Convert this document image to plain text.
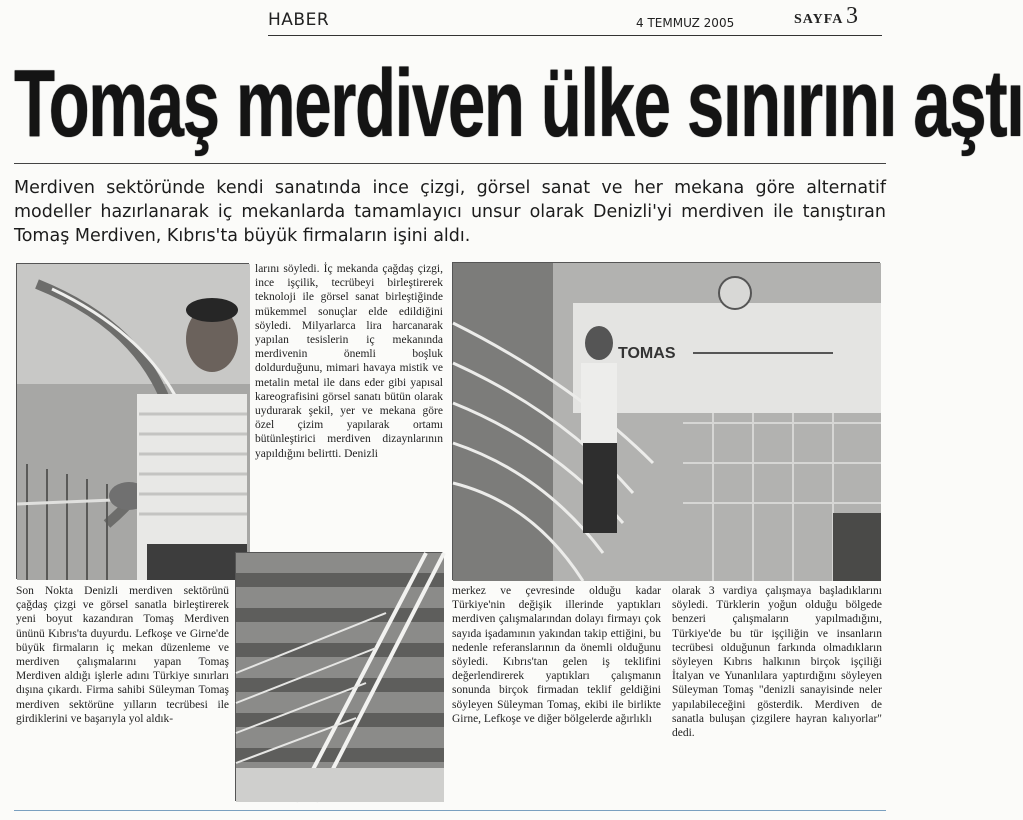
HABER	4 TEMMUZ 2005	SAYFA 3
Tomaş merdiven ülke sınırını aştı
Merdiven sektöründe kendi sanatında ince çizgi, görsel sanat ve her mekana göre alternatif modeller hazırlanarak iç mekanlarda tamamlayıcı unsur olarak Denizli'yi merdiven ile tanıştıran Tomaş Merdiven, Kıbrıs'ta büyük firmaların işini aldı.
larını söyledi. İç mekanda çağdaş çizgi, ince işçilik, tecrübeyi birleştirerek teknoloji ile görsel sanat birleştiğinde mükemmel sonuçlar elde edildiğini söyledi. Milyarlarca lira harcanarak yapılan tesislerin iç mekanında merdivenin önemli boşluk doldurduğunu, mimari havaya mistik ve metalin metal ile dans eder gibi yapısal kareografisini görsel sanatı bütün olarak uydurarak şekil, yer ve mekana göre özel çizim yapılarak ortamı bütünleştirici merdiven dizaynlarının yapıldığını belirtti. Denizli
TOMAS
Son Nokta Denizli merdiven sektörünü çağdaş çizgi ve görsel sanatla birleştirerek yeni boyut kazandıran Tomaş Merdiven ününü Kıbrıs'ta duyurdu. Lefkoşe ve Girne'de büyük firmaların iç mekan düzenleme ve merdiven çalışmalarını yapan Tomaş Merdiven aldığı işlerle adını Türkiye sınırları dışına çıkardı. Firma sahibi Süleyman Tomaş merdiven sektörüne yılların tecrübesi ile girdiklerini ve başarıyla yol aldık-
merkez ve çevresinde olduğu kadar Türkiye'nin değişik illerinde yaptıkları merdiven çalışmalarından dolayı firmayı çok sayıda işadamının yakından takip ettiğini, bu nedenle referanslarının da önemli olduğunu söyledi. Kıbrıs'tan gelen iş teklifini değerlendirerek yaptıkları çalışmanın sonunda birçok firmadan teklif geldiğini söyleyen Süleyman Tomaş, ekibi ile birlikte Girne, Lefkoşe ve diğer bölgelerde ağırlıklı
olarak 3 vardiya çalışmaya başladıklarını söyledi. Türklerin yoğun olduğu bölgede benzeri çalışmaların yapılmadığını, Türkiye'de bu tür işçiliğin ve insanların tecrübesi olduğunun farkında olmadıkların söyleyen Kıbrıs halkının birçok işçiliği İtalyan ve Yunanlılara yaptırdığını söyleyen Süleyman Tomaş "denizli sanayisinde neler yapılabileceğini gösterdik. Merdiven de sanatla buluşan çizgilere hayran kalıyorlar" dedi.
